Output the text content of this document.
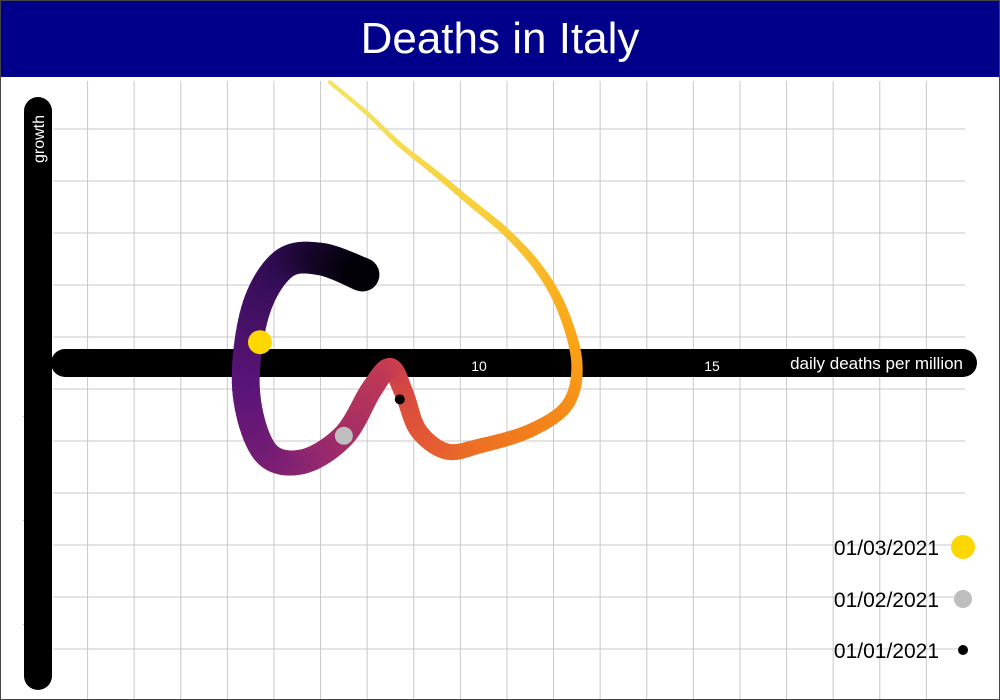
Deaths in Italy
growth
daily deaths per million
10	15
3%
1%
-1%
-3%
-5%
01/03/2021
01/02/2021
01/01/2021
